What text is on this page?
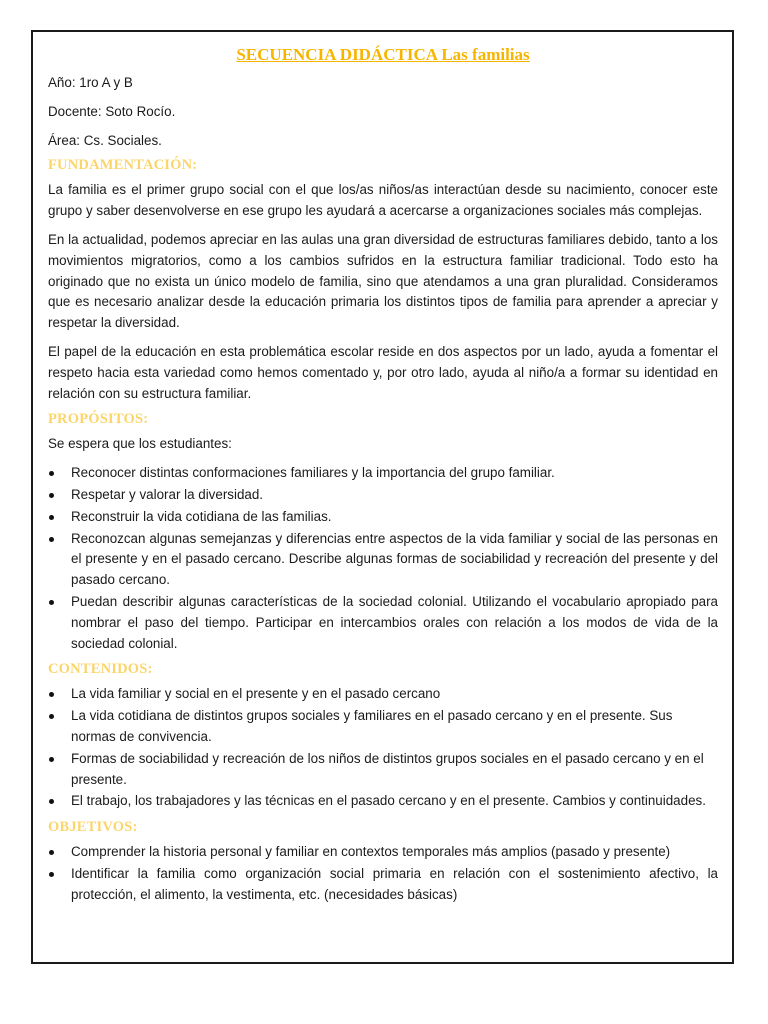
SECUENCIA DIDÁCTICA Las familias
Año: 1ro A y B
Docente: Soto Rocío.
Área: Cs. Sociales.
FUNDAMENTACIÓN:

La familia es el primer grupo social con el que los/as niños/as interactúan desde su nacimiento, conocer este grupo y saber desenvolverse en ese grupo les ayudará a acercarse a organizaciones sociales más complejas.

En la actualidad, podemos apreciar en las aulas una gran diversidad de estructuras familiares debido, tanto a los movimientos migratorios, como a los cambios sufridos en la estructura familiar tradicional. Todo esto ha originado que no exista un único modelo de familia, sino que atendamos a una gran pluralidad. Consideramos que es necesario analizar desde la educación primaria los distintos tipos de familia para aprender a apreciar y respetar la diversidad.

El papel de la educación en esta problemática escolar reside en dos aspectos por un lado, ayuda a fomentar el respeto hacia esta variedad como hemos comentado y, por otro lado, ayuda al niño/a a formar su identidad en relación con su estructura familiar.

PROPÓSITOS:

Se espera que los estudiantes:

Reconocer distintas conformaciones familiares y la importancia del grupo familiar.
Respetar y valorar la diversidad.
Reconstruir la vida cotidiana de las familias.
Reconozcan algunas semejanzas y diferencias entre aspectos de la vida familiar y social de las personas en el presente y en el pasado cercano. Describe algunas formas de sociabilidad y recreación del presente y del pasado cercano.
Puedan describir algunas características de la sociedad colonial. Utilizando el vocabulario apropiado para nombrar el paso del tiempo. Participar en intercambios orales con relación a los modos de vida de la sociedad colonial.
CONTENIDOS:
La vida familiar y social en el presente y en el pasado cercano
La vida cotidiana de distintos grupos sociales y familiares en el pasado cercano y en el presente. Sus normas de convivencia.
Formas de sociabilidad y recreación de los niños de distintos grupos sociales en el pasado cercano y en el presente.
El trabajo, los trabajadores y las técnicas en el pasado cercano y en el presente. Cambios y continuidades.
OBJETIVOS:
Comprender la historia personal y familiar en contextos temporales más amplios (pasado y presente)
Identificar la familia como organización social primaria en relación con el sostenimiento afectivo, la protección, el alimento, la vestimenta, etc. (necesidades básicas)
